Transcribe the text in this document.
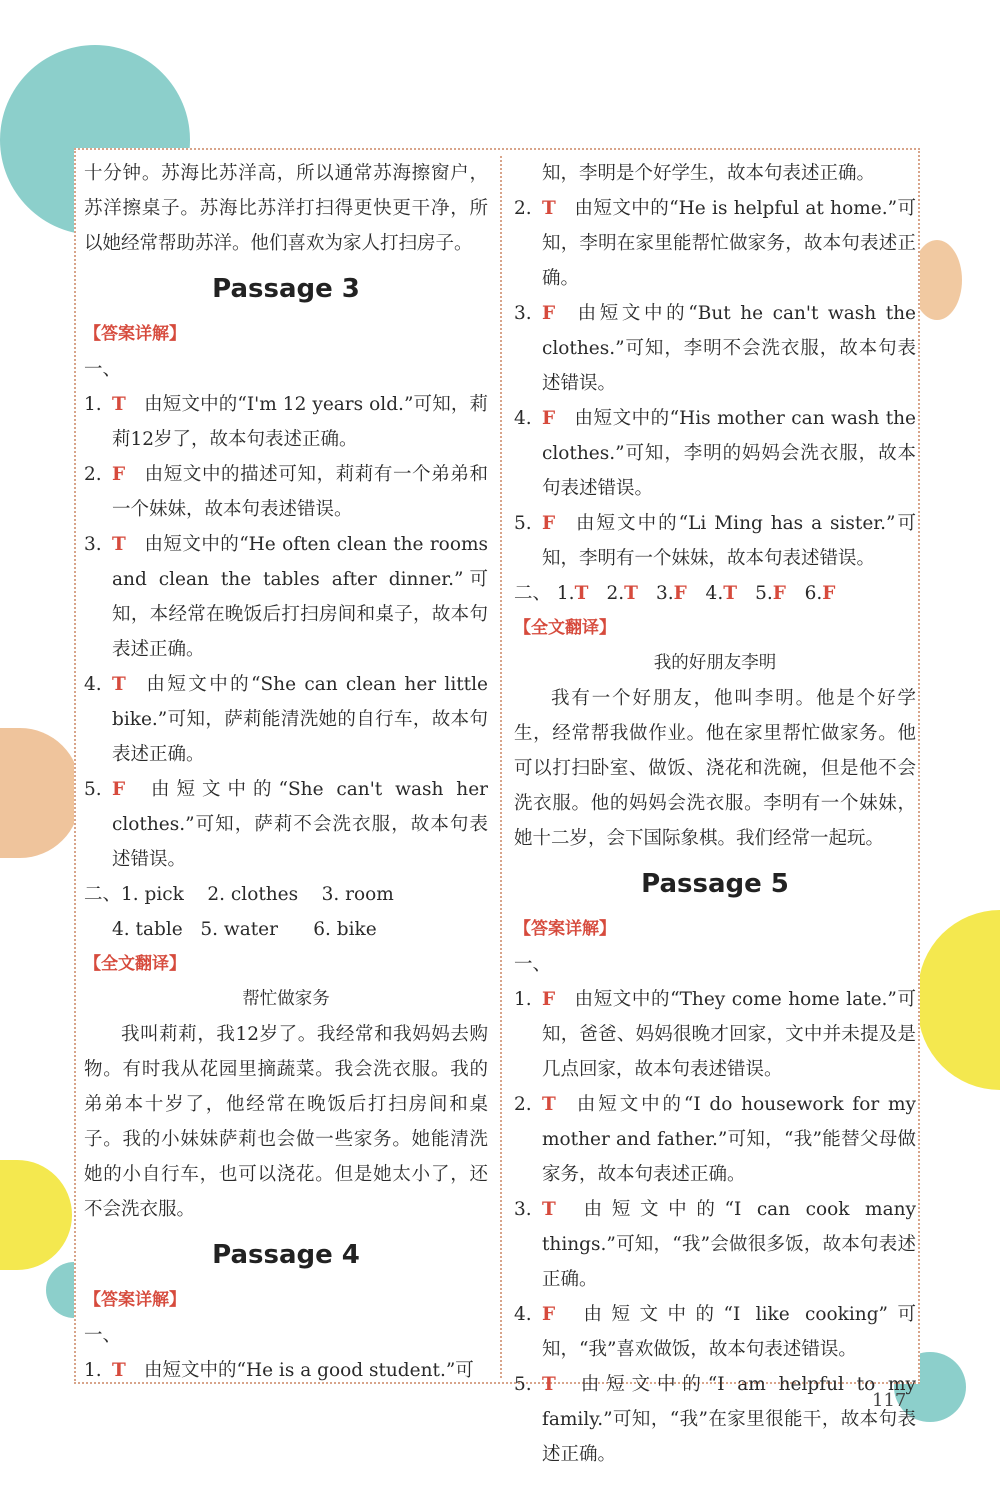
十分钟。苏海比苏洋高，所以通常苏海擦窗户，苏洋擦桌子。苏海比苏洋打扫得更快更干净，所以她经常帮助苏洋。他们喜欢为家人打扫房子。

Passage 3

【答案详解】

一、

1. T 由短文中的“I'm 12 years old.”可知，莉莉12岁了，故本句表述正确。

2. F 由短文中的描述可知，莉莉有一个弟弟和一个妹妹，故本句表述错误。

3. T 由短文中的“He often clean the rooms and clean the tables after dinner.”可知，本经常在晚饭后打扫房间和桌子，故本句表述正确。

4. T 由短文中的“She can clean her little bike.”可知，萨莉能清洗她的自行车，故本句表述正确。

5. F 由短文中的“She can't wash her clothes.”可知，萨莉不会洗衣服，故本句表述错误。

二、1. pick    2. clothes    3. room

4. table   5. water      6. bike

【全文翻译】

帮忙做家务

我叫莉莉，我12岁了。我经常和我妈妈去购物。有时我从花园里摘蔬菜。我会洗衣服。我的弟弟本十岁了，他经常在晚饭后打扫房间和桌子。我的小妹妹萨莉也会做一些家务。她能清洗她的小自行车，也可以浇花。但是她太小了，还不会洗衣服。

Passage 4

【答案详解】

一、

1. T 由短文中的“He is a good student.”可

知，李明是个好学生，故本句表述正确。

2. T 由短文中的“He is helpful at home.”可知，李明在家里能帮忙做家务，故本句表述正确。

3. F 由短文中的“But he can't wash the clothes.”可知，李明不会洗衣服，故本句表述错误。

4. F 由短文中的“His mother can wash the clothes.”可知，李明的妈妈会洗衣服，故本句表述错误。

5. F 由短文中的“Li Ming has a sister.”可知，李明有一个妹妹，故本句表述错误。

二、 1.T 2.T 3.F 4.T 5.F 6.F

【全文翻译】

我的好朋友李明

我有一个好朋友，他叫李明。他是个好学生，经常帮我做作业。他在家里帮忙做家务。他可以打扫卧室、做饭、浇花和洗碗，但是他不会洗衣服。他的妈妈会洗衣服。李明有一个妹妹，她十二岁，会下国际象棋。我们经常一起玩。

Passage 5

【答案详解】

一、

1. F 由短文中的“They come home late.”可知，爸爸、妈妈很晚才回家，文中并未提及是几点回家，故本句表述错误。

2. T 由短文中的“I do housework for my mother and father.”可知，“我”能替父母做家务，故本句表述正确。

3. T 由短文中的“I can cook many things.”可知，“我”会做很多饭，故本句表述正确。

4. F 由短文中的“I like cooking”可知，“我”喜欢做饭，故本句表述错误。

5. T 由短文中的“I am helpful to my family.”可知，“我”在家里很能干，故本句表述正确。

117
